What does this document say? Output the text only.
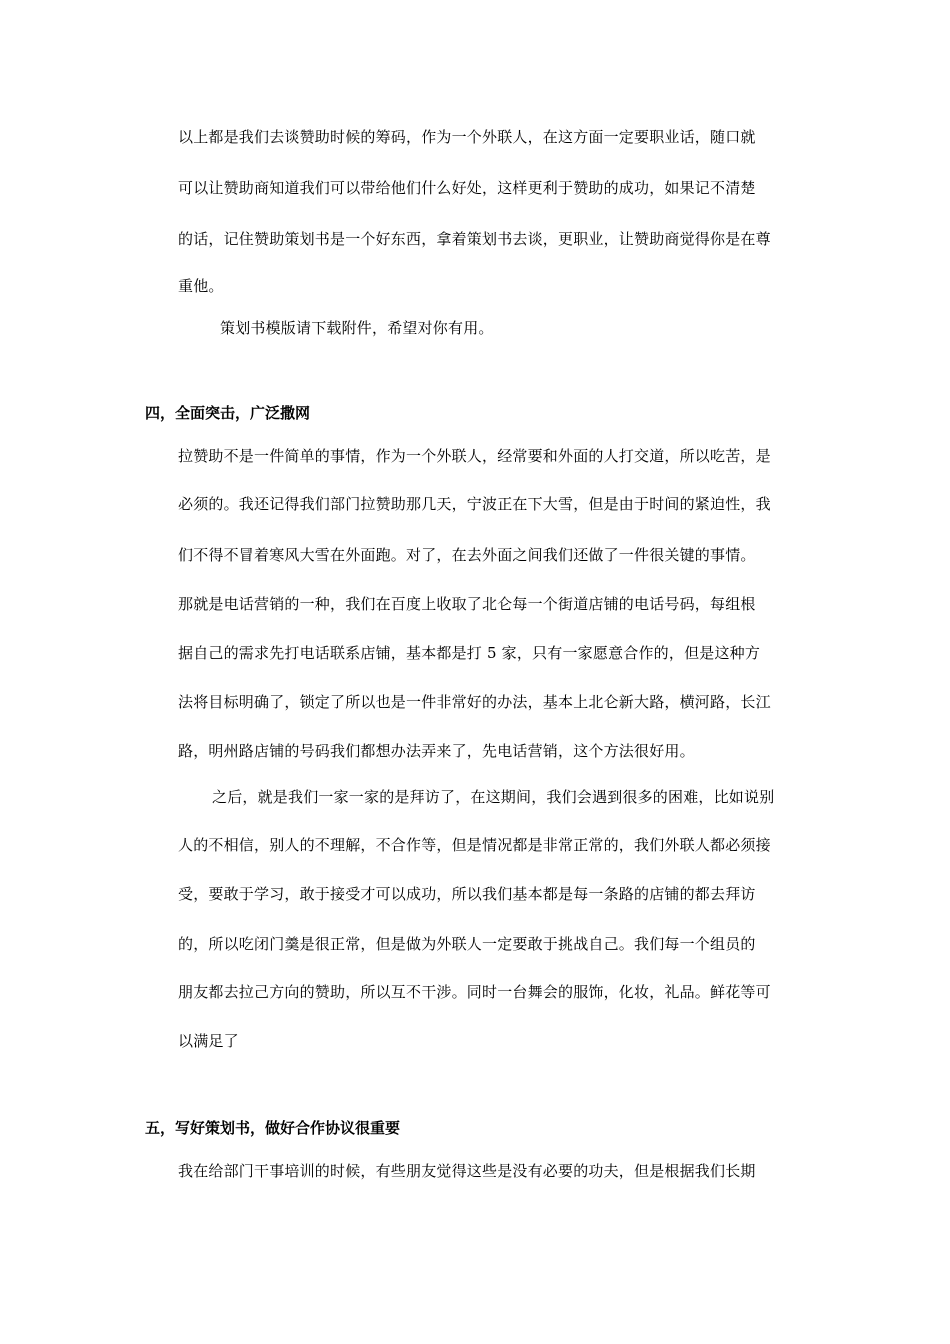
以上都是我们去谈赞助时候的筹码，作为一个外联人，在这方面一定要职业话，随口就
可以让赞助商知道我们可以带给他们什么好处，这样更利于赞助的成功，如果记不清楚
的话，记住赞助策划书是一个好东西，拿着策划书去谈，更职业，让赞助商觉得你是在尊
重他。
策划书模版请下载附件，希望对你有用。
四，全面突击，广泛撒网
拉赞助不是一件简单的事情，作为一个外联人，经常要和外面的人打交道，所以吃苦，是
必须的。我还记得我们部门拉赞助那几天，宁波正在下大雪，但是由于时间的紧迫性，我
们不得不冒着寒风大雪在外面跑。对了，在去外面之间我们还做了一件很关键的事情。
那就是电话营销的一种，我们在百度上收取了北仑每一个街道店铺的电话号码，每组根
据自己的需求先打电话联系店铺，基本都是打 5 家，只有一家愿意合作的，但是这种方
法将目标明确了，锁定了所以也是一件非常好的办法，基本上北仑新大路，横河路，长江
路，明州路店铺的号码我们都想办法弄来了，先电话营销，这个方法很好用。
之后，就是我们一家一家的是拜访了，在这期间，我们会遇到很多的困难，比如说别
人的不相信，别人的不理解，不合作等，但是情况都是非常正常的，我们外联人都必须接
受，要敢于学习，敢于接受才可以成功，所以我们基本都是每一条路的店铺的都去拜访
的，所以吃闭门羹是很正常，但是做为外联人一定要敢于挑战自己。我们每一个组员的
朋友都去拉己方向的赞助，所以互不干涉。同时一台舞会的服饰，化妆，礼品。鲜花等可
以满足了
五，写好策划书，做好合作协议很重要
我在给部门干事培训的时候，有些朋友觉得这些是没有必要的功夫，但是根据我们长期
